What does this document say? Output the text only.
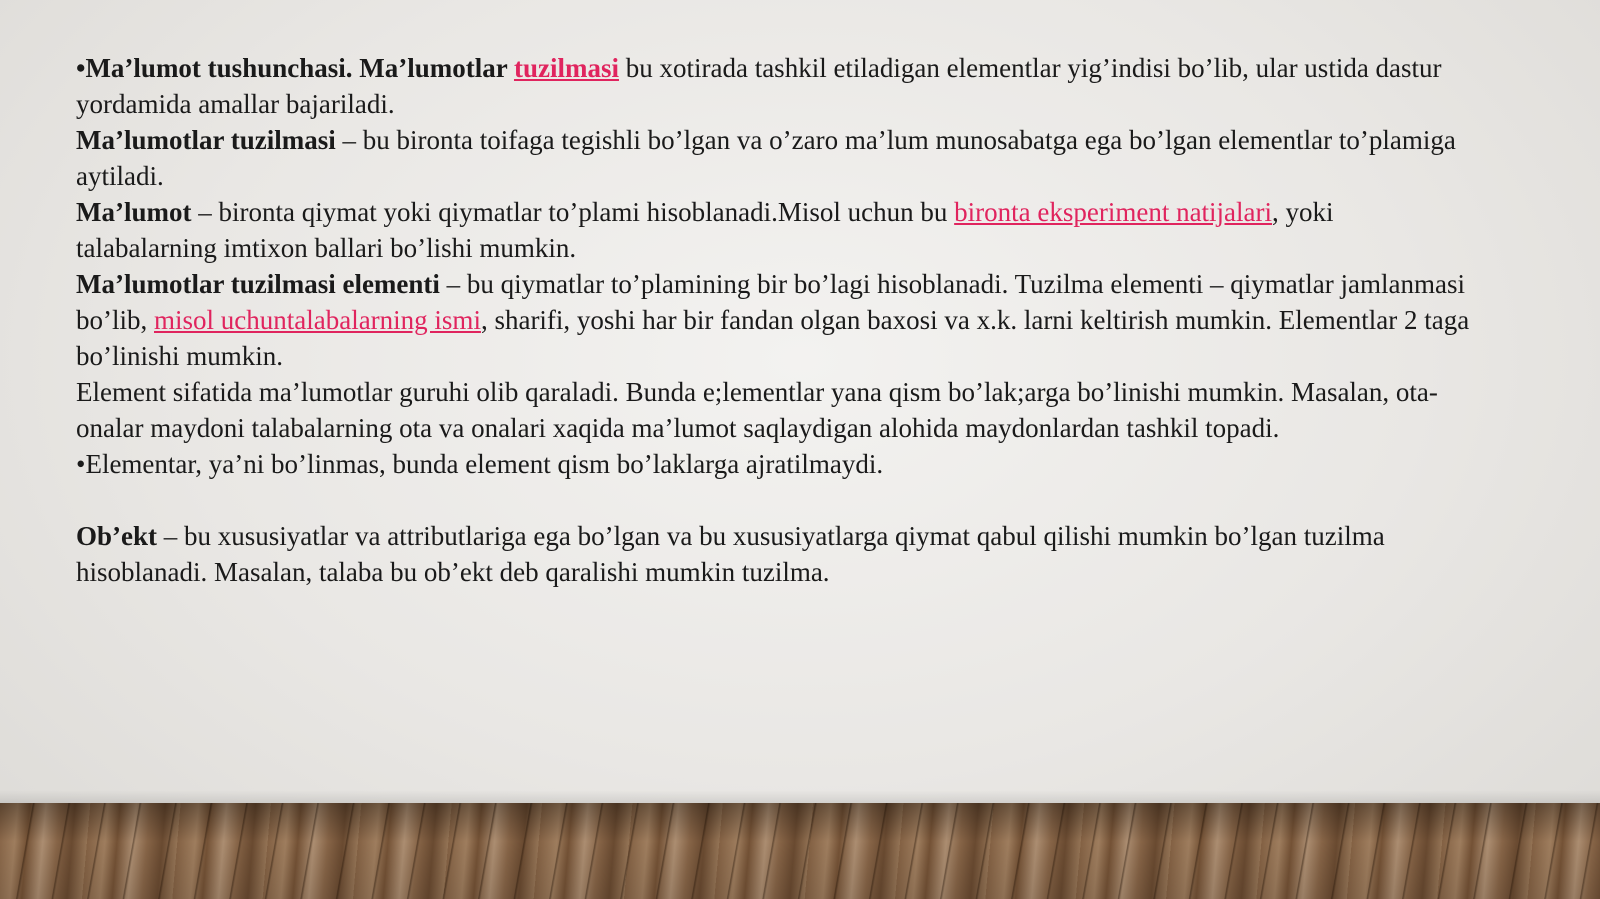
•Ma’lumot tushunchasi. Ma’lumotlar tuzilmasi bu xotirada tashkil etiladigan elementlar yig’indisi bo’lib, ular ustida dastur yordamida amallar bajariladi.

Ma’lumotlar tuzilmasi – bu bironta toifaga tegishli bo’lgan va o’zaro ma’lum munosabatga ega bo’lgan elementlar to’plamiga aytiladi.

Ma’lumot – bironta qiymat yoki qiymatlar to’plami hisoblanadi.Misol uchun bu bironta eksperiment natijalari, yoki talabalarning imtixon ballari bo’lishi mumkin.

Ma’lumotlar tuzilmasi elementi – bu qiymatlar to’plamining bir bo’lagi hisoblanadi. Tuzilma elementi – qiymatlar jamlanmasi bo’lib, misol uchuntalabalarning ismi, sharifi, yoshi har bir fandan olgan baxosi va x.k. larni keltirish mumkin. Elementlar 2 taga bo’linishi mumkin.

Element sifatida ma’lumotlar guruhi olib qaraladi. Bunda e;lementlar yana qism bo’lak;arga bo’linishi mumkin. Masalan, ota-onalar maydoni talabalarning ota va onalari xaqida ma’lumot saqlaydigan alohida maydonlardan tashkil topadi.

•Elementar, ya’ni bo’linmas, bunda element qism bo’laklarga ajratilmaydi.

Ob’ekt – bu xususiyatlar va attributlariga ega bo’lgan va bu xususiyatlarga qiymat qabul qilishi mumkin bo’lgan tuzilma hisoblanadi. Masalan, talaba bu ob’ekt deb qaralishi mumkin tuzilma.
